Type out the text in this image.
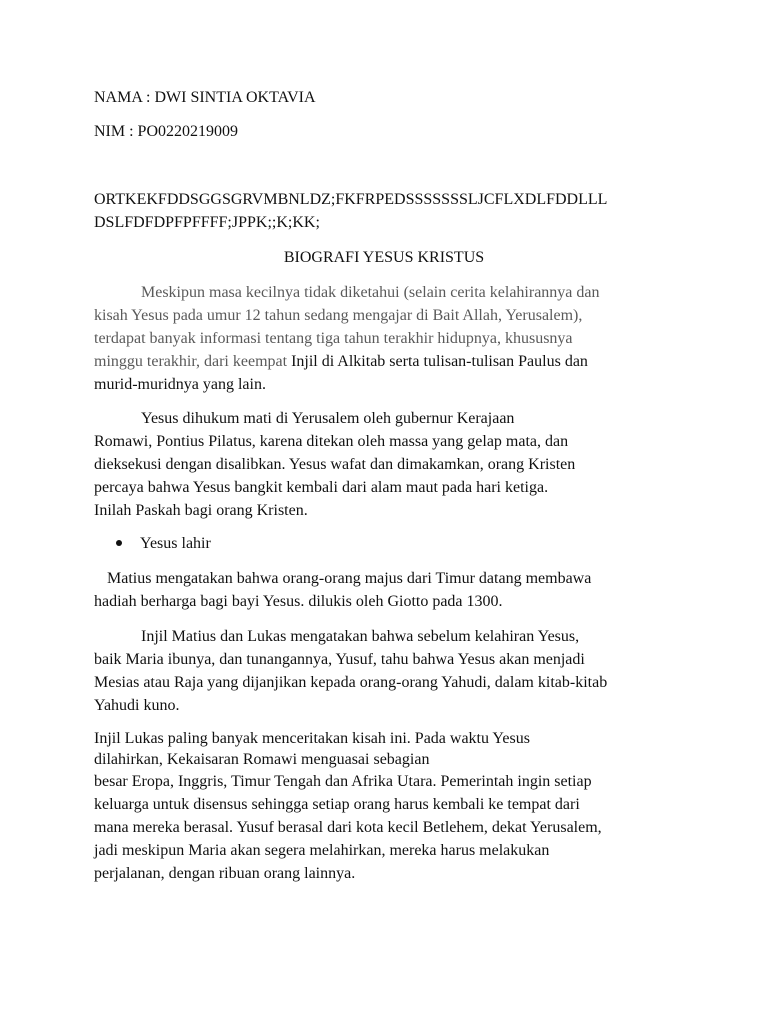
NAMA : DWI SINTIA OKTAVIA
NIM : PO0220219009
ORTKEKFDDSGGSGRVMBNLDZ;FKFRPEDSSSSSSSLJCFLXDLFDDLLL
DSLFDFDPFPFFFF;JPPK;;K;KK;
BIOGRAFI YESUS KRISTUS
Meskipun masa kecilnya tidak diketahui (selain cerita kelahirannya dan
kisah Yesus pada umur 12 tahun sedang mengajar di Bait Allah, Yerusalem),
terdapat banyak informasi tentang tiga tahun terakhir hidupnya, khususnya
minggu terakhir, dari keempat Injil di Alkitab serta tulisan-tulisan Paulus dan
murid-muridnya yang lain.
Yesus dihukum mati di Yerusalem oleh gubernur Kerajaan
Romawi, Pontius Pilatus, karena ditekan oleh massa yang gelap mata, dan
dieksekusi dengan disalibkan. Yesus wafat dan dimakamkan, orang Kristen
percaya bahwa Yesus bangkit kembali dari alam maut pada hari ketiga.
Inilah Paskah bagi orang Kristen.
Yesus lahir
Matius mengatakan bahwa orang-orang majus dari Timur datang membawa
hadiah berharga bagi bayi Yesus. dilukis oleh Giotto pada 1300.
Injil Matius dan Lukas mengatakan bahwa sebelum kelahiran Yesus,
baik Maria ibunya, dan tunangannya, Yusuf, tahu bahwa Yesus akan menjadi
Mesias atau Raja yang dijanjikan kepada orang-orang Yahudi, dalam kitab-kitab
Yahudi kuno.
Injil Lukas paling banyak menceritakan kisah ini. Pada waktu Yesus
dilahirkan, Kekaisaran Romawi menguasai sebagian
besar Eropa, Inggris, Timur Tengah dan Afrika Utara. Pemerintah ingin setiap
keluarga untuk disensus sehingga setiap orang harus kembali ke tempat dari
mana mereka berasal. Yusuf berasal dari kota kecil Betlehem, dekat Yerusalem,
jadi meskipun Maria akan segera melahirkan, mereka harus melakukan
perjalanan, dengan ribuan orang lainnya.
